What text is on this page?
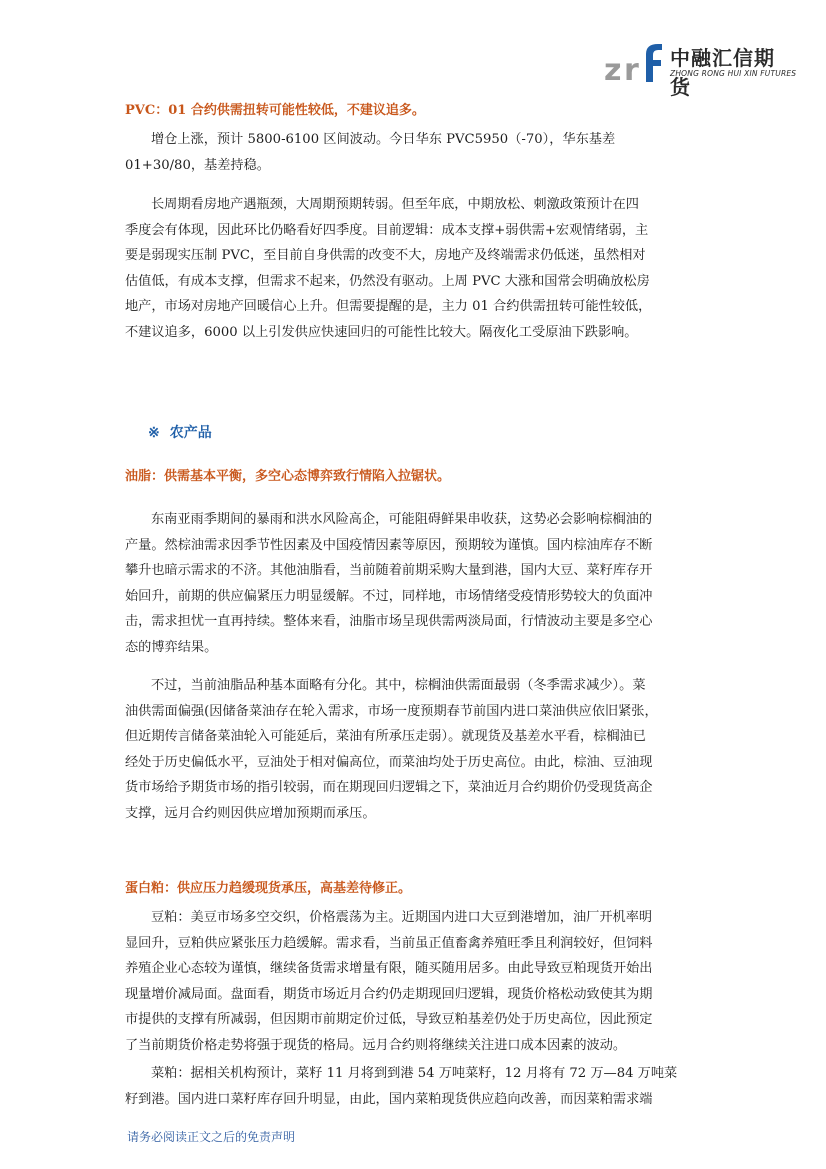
z r 中融汇信期货
ZHONG RONG HUI XIN FUTURES
PVC：01 合约供需扭转可能性较低，不建议追多。
增仓上涨，预计 5800-6100 区间波动。今日华东 PVC5950（-70），华东基差
01+30/80，基差持稳。
长周期看房地产遇瓶颈，大周期预期转弱。但至年底，中期放松、刺激政策预计在四
季度会有体现，因此环比仍略看好四季度。目前逻辑：成本支撑+弱供需+宏观情绪弱，主
要是弱现实压制 PVC，至目前自身供需的改变不大，房地产及终端需求仍低迷，虽然相对
估值低，有成本支撑，但需求不起来，仍然没有驱动。上周 PVC 大涨和国常会明确放松房
地产，市场对房地产回暖信心上升。但需要提醒的是，主力 01 合约供需扭转可能性较低，
不建议追多，6000 以上引发供应快速回归的可能性比较大。隔夜化工受原油下跌影响。
※ 农产品
油脂：供需基本平衡，多空心态博弈致行情陷入拉锯状。
东南亚雨季期间的暴雨和洪水风险高企，可能阻碍鲜果串收获，这势必会影响棕榈油的
产量。然棕油需求因季节性因素及中国疫情因素等原因，预期较为谨慎。国内棕油库存不断
攀升也暗示需求的不济。其他油脂看，当前随着前期采购大量到港，国内大豆、菜籽库存开
始回升，前期的供应偏紧压力明显缓解。不过，同样地，市场情绪受疫情形势较大的负面冲
击，需求担忧一直再持续。整体来看，油脂市场呈现供需两淡局面，行情波动主要是多空心
态的博弈结果。
不过，当前油脂品种基本面略有分化。其中，棕榈油供需面最弱（冬季需求减少）。菜
油供需面偏强(因储备菜油存在轮入需求，市场一度预期春节前国内进口菜油供应依旧紧张，
但近期传言储备菜油轮入可能延后，菜油有所承压走弱）。就现货及基差水平看，棕榈油已
经处于历史偏低水平，豆油处于相对偏高位，而菜油均处于历史高位。由此，棕油、豆油现
货市场给予期货市场的指引较弱，而在期现回归逻辑之下，菜油近月合约期价仍受现货高企
支撑，远月合约则因供应增加预期而承压。
蛋白粕：供应压力趋缓现货承压，高基差待修正。
豆粕：美豆市场多空交织，价格震荡为主。近期国内进口大豆到港增加，油厂开机率明
显回升，豆粕供应紧张压力趋缓解。需求看，当前虽正值畜禽养殖旺季且利润较好，但饲料
养殖企业心态较为谨慎，继续备货需求增量有限，随买随用居多。由此导致豆粕现货开始出
现量增价减局面。盘面看，期货市场近月合约仍走期现回归逻辑，现货价格松动致使其为期
市提供的支撑有所减弱，但因期市前期定价过低，导致豆粕基差仍处于历史高位，因此预定
了当前期货价格走势将强于现货的格局。远月合约则将继续关注进口成本因素的波动。
菜粕：据相关机构预计，菜籽 11 月将到到港 54 万吨菜籽，12 月将有 72 万—84 万吨菜
籽到港。国内进口菜籽库存回升明显，由此，国内菜粕现货供应趋向改善，而因菜粕需求端
请务必阅读正文之后的免责声明
